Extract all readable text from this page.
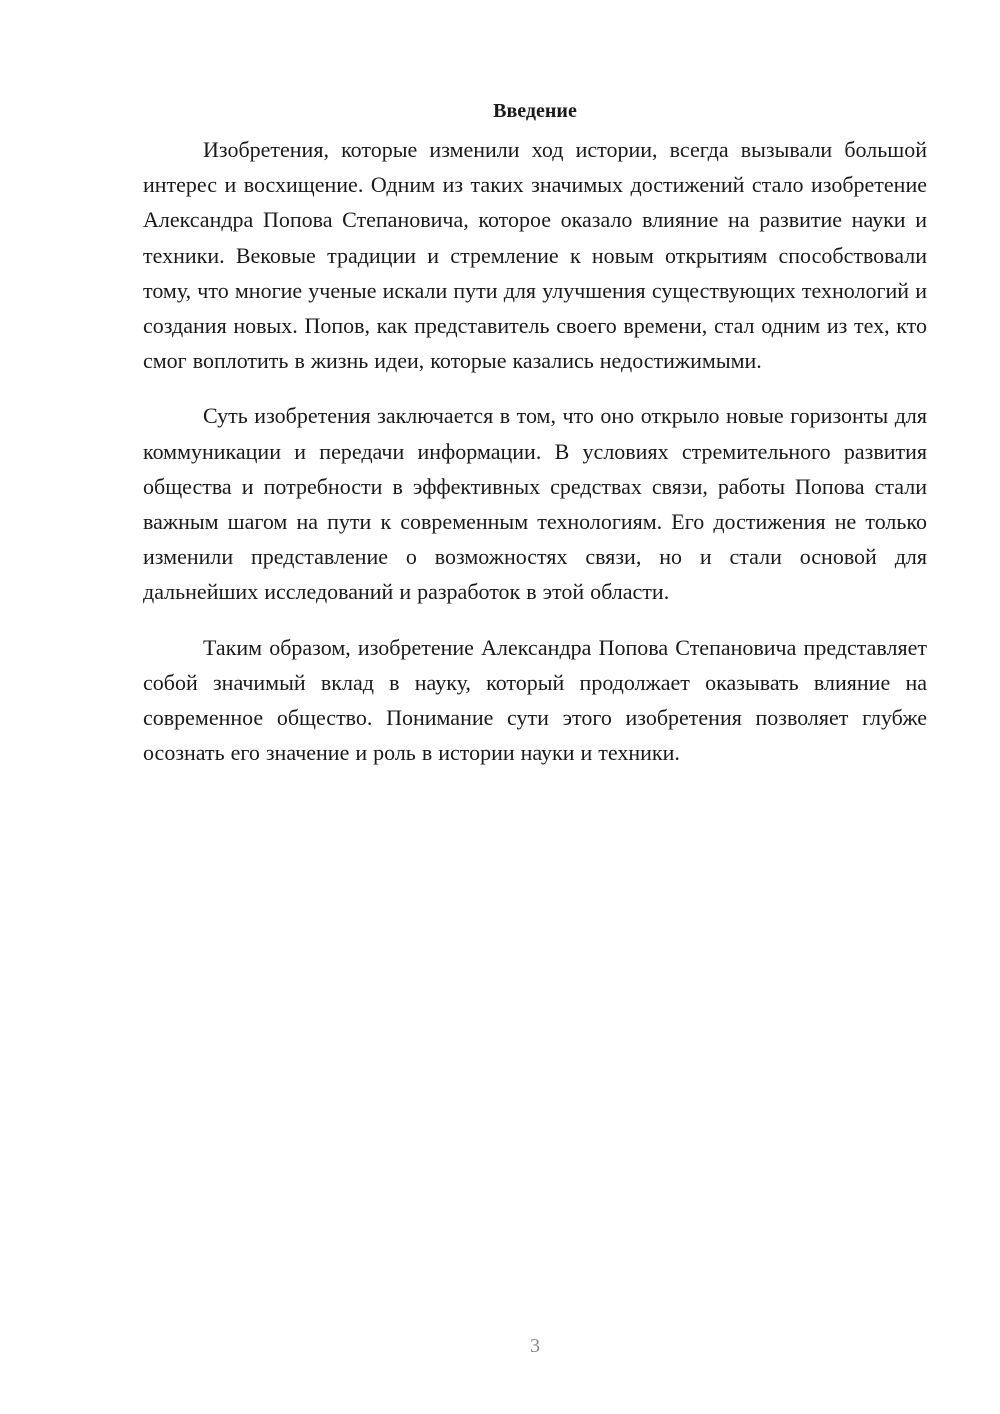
Введение

Изобретения, которые изменили ход истории, всегда вызывали большой интерес и восхищение. Одним из таких значимых достижений стало изобретение Александра Попова Степановича, которое оказало влияние на развитие науки и техники. Вековые традиции и стремление к новым открытиям способствовали тому, что многие ученые искали пути для улучшения существующих технологий и создания новых. Попов, как представитель своего времени, стал одним из тех, кто смог воплотить в жизнь идеи, которые казались недостижимыми.

Суть изобретения заключается в том, что оно открыло новые горизонты для коммуникации и передачи информации. В условиях стремительного развития общества и потребности в эффективных средствах связи, работы Попова стали важным шагом на пути к современным технологиям. Его достижения не только изменили представление о возможностях связи, но и стали основой для дальнейших исследований и разработок в этой области.

Таким образом, изобретение Александра Попова Степановича представляет собой значимый вклад в науку, который продолжает оказывать влияние на современное общество. Понимание сути этого изобретения позволяет глубже осознать его значение и роль в истории науки и техники.

3
